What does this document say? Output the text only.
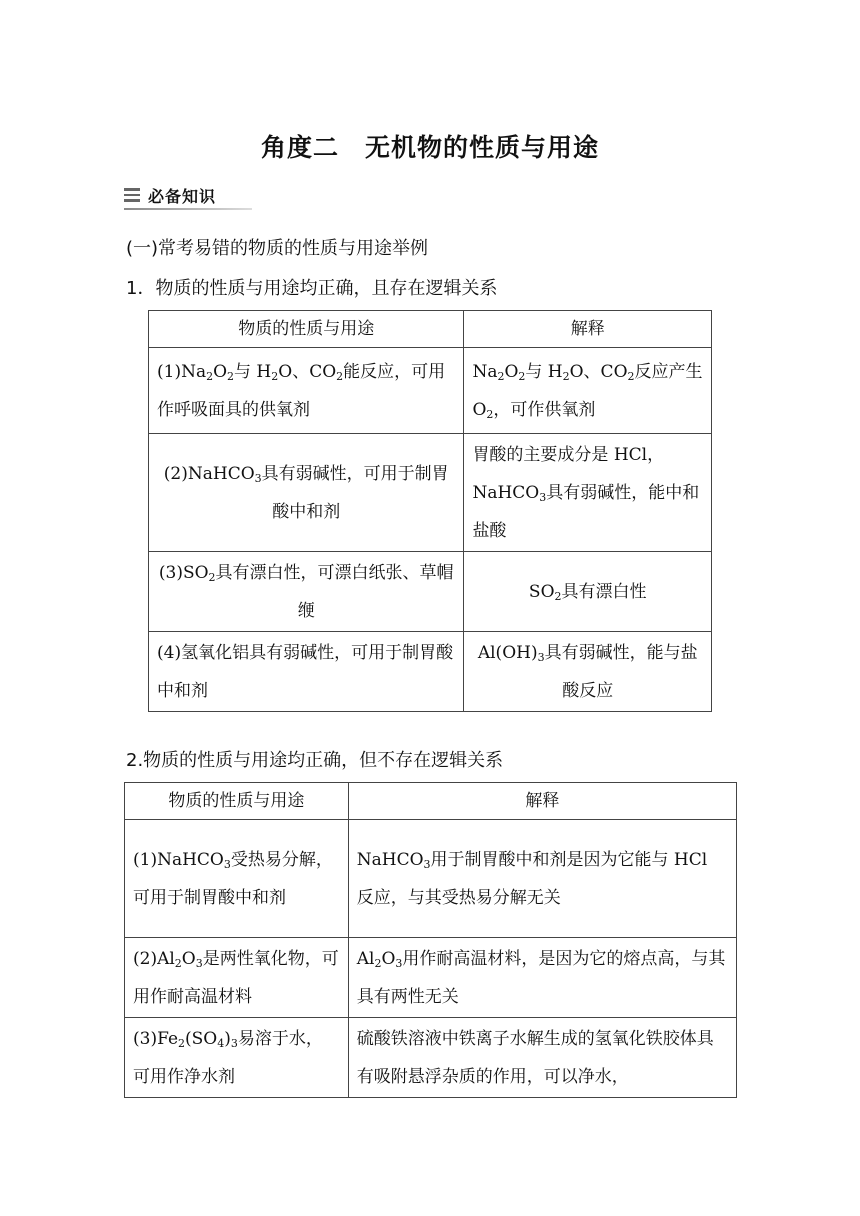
角度二 无机物的性质与用途
必备知识
(一)常考易错的物质的性质与用途举例
1．物质的性质与用途均正确，且存在逻辑关系
物质的性质与用途	解释
$(1)Na_2O_2$与 $H_2O$、$CO_2$能反应，可用作呼吸面具的供氧剂	$Na_2O_2$与 $H_2O$、$CO_2$反应产生 $O_2$，可作供氧剂
(2)NaHCO$_3$具有弱碱性，可用于制胃酸中和剂	胃酸的主要成分是 HCl，NaHCO$_3$具有弱碱性，能中和盐酸
$(3)SO_2$具有漂白性，可漂白纸张、草帽缏	$SO_2$具有漂白性
(4)氢氧化铝具有弱碱性，可用于制胃酸中和剂	$Al(OH)_3$具有弱碱性，能与盐酸反应
2.物质的性质与用途均正确，但不存在逻辑关系
物质的性质与用途	解释
(1)NaHCO$_3$受热易分解，可用于制胃酸中和剂	NaHCO$_3$用于制胃酸中和剂是因为它能与 HCl 反应，与其受热易分解无关
$(2)Al_2O_3$是两性氧化物，可用作耐高温材料	$Al_2O_3$用作耐高温材料，是因为它的熔点高，与其具有两性无关
$(3)Fe_2(SO_4)_3$易溶于水，可用作净水剂	硫酸铁溶液中铁离子水解生成的氢氧化铁胶体具有吸附悬浮杂质的作用，可以净水，
